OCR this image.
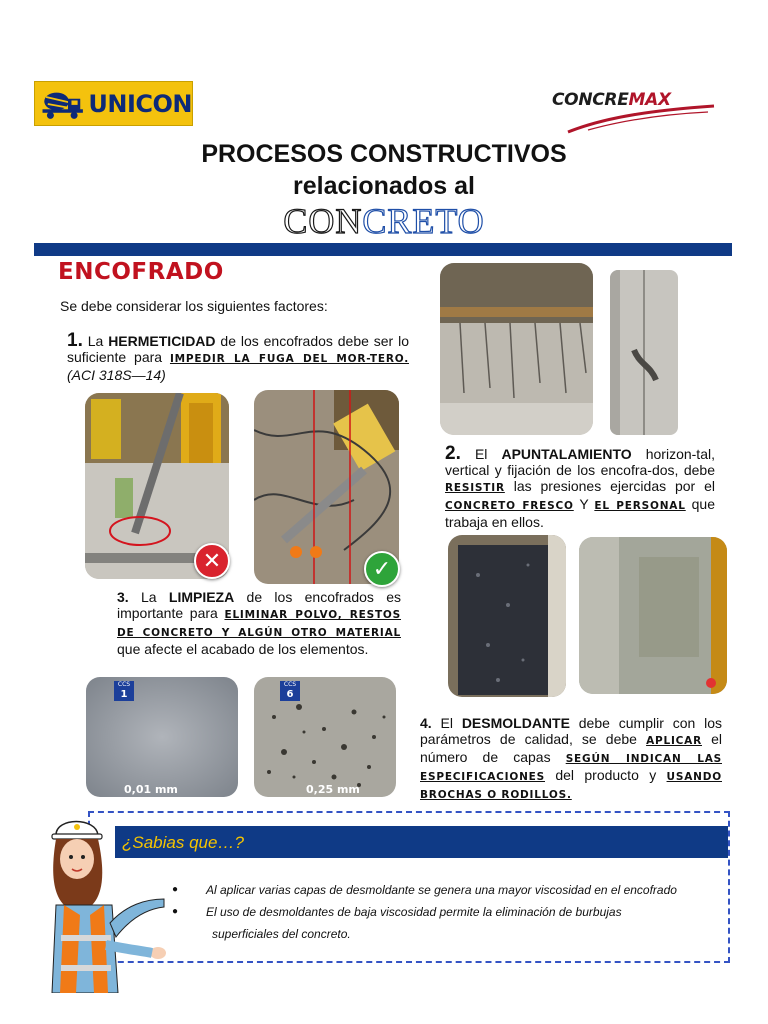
UNICON	CONCREMAX
PROCESOS CONSTRUCTIVOS
relacionados al
CONCRETO
ENCOFRADO
Se debe considerar los siguientes factores:
1. La HERMETICIDAD de los encofrados debe ser lo suficiente para IMPEDIR LA FUGA DEL MOR-TERO. (ACI 318S—14)
✕	✓
3. La LIMPIEZA de los encofrados es importante para ELIMINAR POLVO, RESTOS DE CONCRETO Y ALGÚN OTRO MATERIAL que afecte el acabado de los elementos.
CCS
1
0,01 mm
CCS
6
0,25 mm
2. El APUNTALAMIENTO horizon-tal, vertical y fijación de los encofra-dos, debe RESISTIR las presiones ejercidas por el CONCRETO FRESCO Y EL PERSONAL que trabaja en ellos.
4. El DESMOLDANTE debe cumplir con los parámetros de calidad, se debe APLICAR el número de capas SEGÚN INDICAN LAS ESPECIFICACIONES del producto y USANDO BROCHAS O RODILLOS.
¿Sabias que…?
● Al aplicar varias capas de desmoldante se genera una mayor viscosidad en el encofrado
● El uso de desmoldantes de baja viscosidad permite la eliminación de burbujas
superficiales del concreto.
